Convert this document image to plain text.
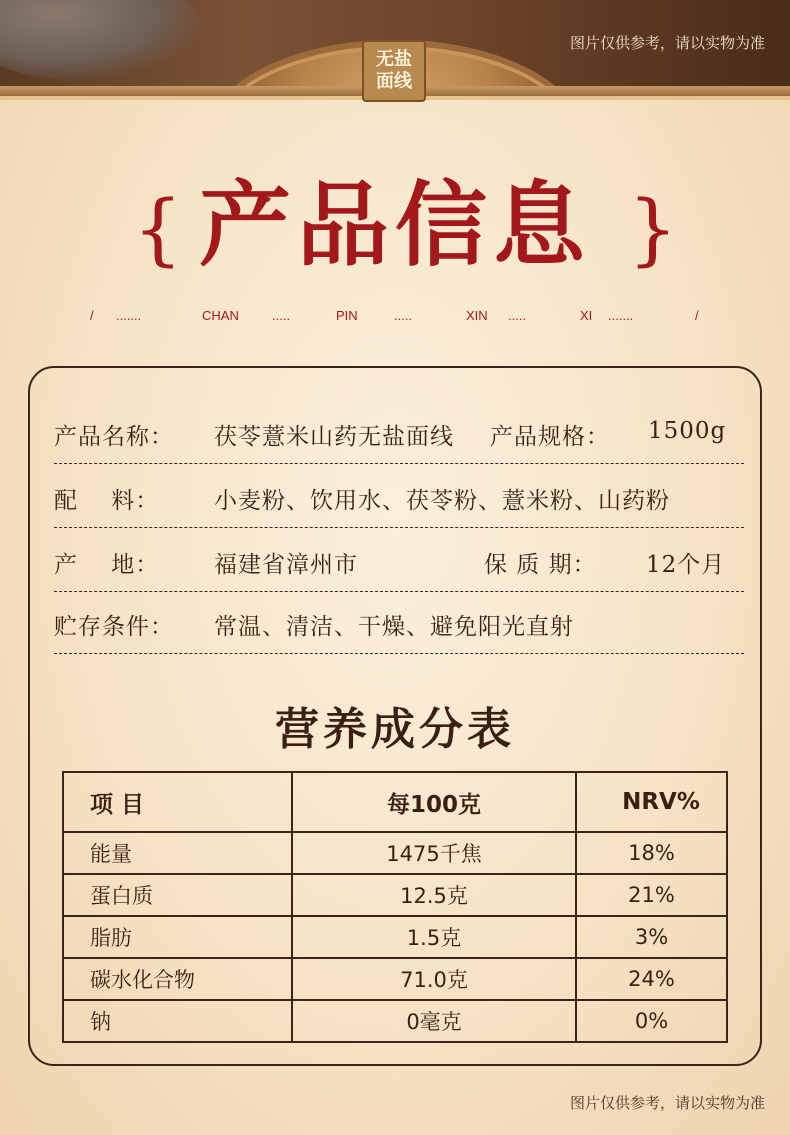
无盐
面线
图片仅供参考，请以实物为准
{ 产品信息 }
/ .......	CHAN	.....	PIN	.....	XIN .....	XI .......	/
产品名称： 茯苓薏米山药无盐面线 产品规格： 1500g
配    料： 小麦粉、饮用水、茯苓粉、薏米粉、山药粉
产    地： 福建省漳州市	保 质 期： 12个月
贮存条件： 常温、清洁、干燥、避免阳光直射
营养成分表
项 目	每100克	NRV%
能量	1475千焦	18%
蛋白质	12.5克	21%
脂肪	1.5克	3%
碳水化合物	71.0克	24%
钠	0毫克	0%
图片仅供参考，请以实物为准
